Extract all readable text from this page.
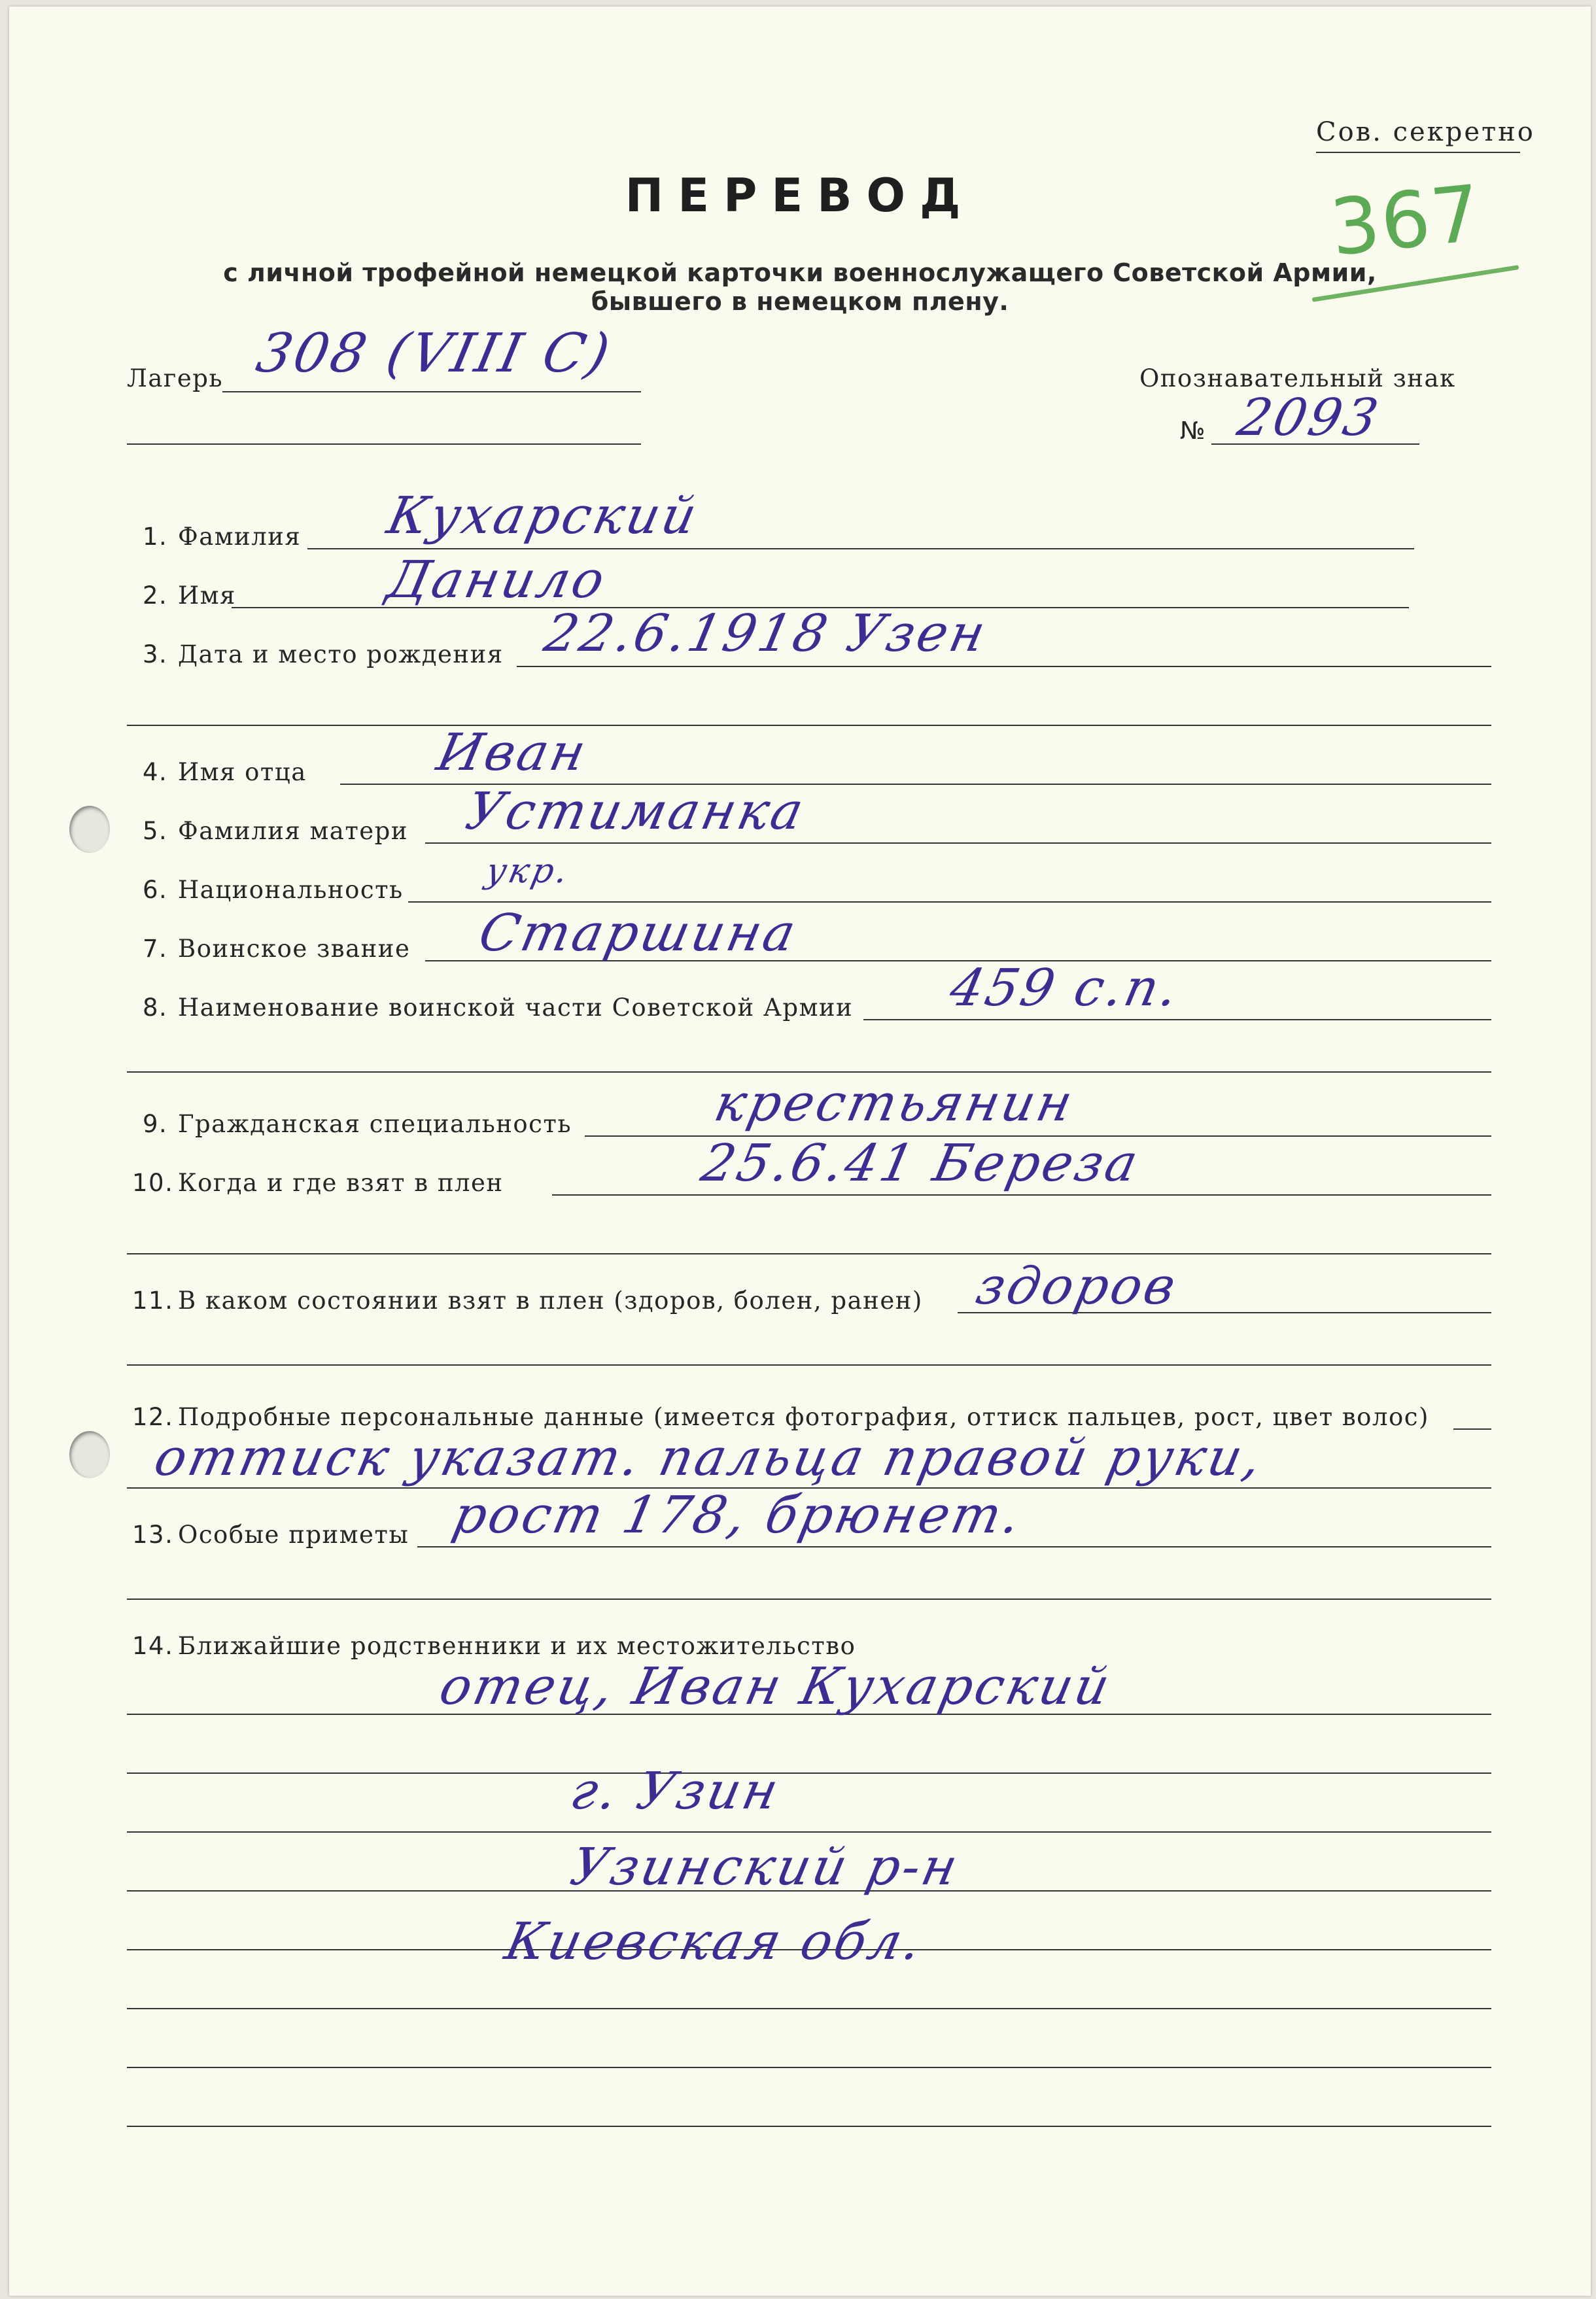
Сов. секретно
367
ПЕРЕВОД
с личной трофейной немецкой карточки военнослужащего Советской Армии,
бывшего в немецком плену.
Лагерь 308 (VIII C)	Опознавательный знак
№ 2093
1. Фамилия Кухарский
2. Имя	Данило
3. Дата и место рождения 22.6.1918 Узен
4. Имя отца Иван
5. Фамилия матери Устиманка
6. Национальность укр.
7. Воинское звание Старшина
8. Наименование воинской части Советской Армии 459 с.п.
9. Гражданская специальность	крестьянин
10. Когда и где взят в плен	25.6.41 Береза
11. В каком состоянии взят в плен (здоров, болен, ранен) здоров
12. Подробные персональные данные (имеется фотография, оттиск пальцев, рост, цвет волос)
оттиск указат. пальца правой руки,
13. Особые приметы рост 178, брюнет.
14. Ближайшие родственники и их местожительство
отец, Иван Кухарский
г. Узин
Узинский р-н
Киевская обл.
